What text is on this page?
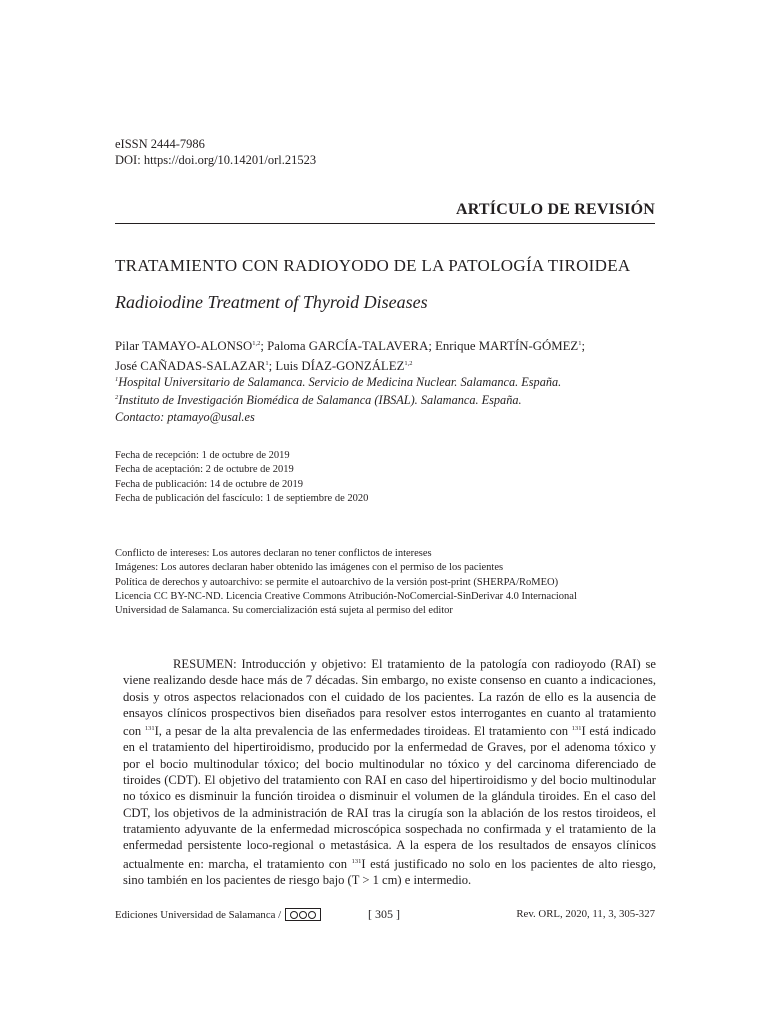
eISSN 2444-7986
DOI: https://doi.org/10.14201/orl.21523
ARTÍCULO DE REVISIÓN
TRATAMIENTO CON RADIOYODO DE LA PATOLOGÍA TIROIDEA
Radioiodine Treatment of Thyroid Diseases
Pilar TAMAYO-ALONSO$^{1,2}$; Paloma GARCÍA-TALAVERA; Enrique MARTÍN-GÓMEZ$^1$;
José CAÑADAS-SALAZAR$^1$; Luis DÍAZ-GONZÁLEZ$^{1,2}$
$^1$Hospital Universitario de Salamanca. Servicio de Medicina Nuclear. Salamanca. España.
$^2$Instituto de Investigación Biomédica de Salamanca (IBSAL). Salamanca. España.
Contacto: ptamayo@usal.es
Fecha de recepción: 1 de octubre de 2019
Fecha de aceptación: 2 de octubre de 2019
Fecha de publicación: 14 de octubre de 2019
Fecha de publicación del fascículo: 1 de septiembre de 2020
Conflicto de intereses: Los autores declaran no tener conflictos de intereses
Imágenes: Los autores declaran haber obtenido las imágenes con el permiso de los pacientes
Política de derechos y autoarchivo: se permite el autoarchivo de la versión post-print (SHERPA/RoMEO)
Licencia CC BY-NC-ND. Licencia Creative Commons Atribución-NoComercial-SinDerivar 4.0 Internacional
Universidad de Salamanca. Su comercialización está sujeta al permiso del editor

RESUMEN: Introducción y objetivo: El tratamiento de la patología con radioyodo (RAI) se viene realizando desde hace más de 7 décadas. Sin embargo, no existe consenso en cuanto a indicaciones, dosis y otros aspectos relacionados con el cuidado de los pacientes. La razón de ello es la ausencia de ensayos clínicos prospectivos bien diseñados para resolver estos interrogantes en cuanto al tratamiento con $^{131}$I, a pesar de la alta prevalencia de las enfermedades tiroideas. El tratamiento con $^{131}$I está indicado en el tratamiento del hipertiroidismo, producido por la enfermedad de Graves, por el adenoma tóxico y por el bocio multinodular tóxico; del bocio multinodular no tóxico y del carcinoma diferenciado de tiroides (CDT). El objetivo del tratamiento con RAI en caso del hipertiroidismo y del bocio multinodular no tóxico es disminuir la función tiroidea o disminuir el volumen de la glándula tiroides. En el caso del CDT, los objetivos de la administración de RAI tras la cirugía son la ablación de los restos tiroideos, el tratamiento adyuvante de la enfermedad microscópica sospechada no confirmada y el tratamiento de la enfermedad persistente loco-regional o metastásica. A la espera de los resultados de ensayos clínicos actualmente en: marcha, el tratamiento con $^{131}$I está justificado no solo en los pacientes de alto riesgo, sino también en los pacientes de riesgo bajo (T > 1 cm) e intermedio.

Ediciones Universidad de Salamanca /	[ 305 ]	Rev. ORL, 2020, 11, 3, 305-327
